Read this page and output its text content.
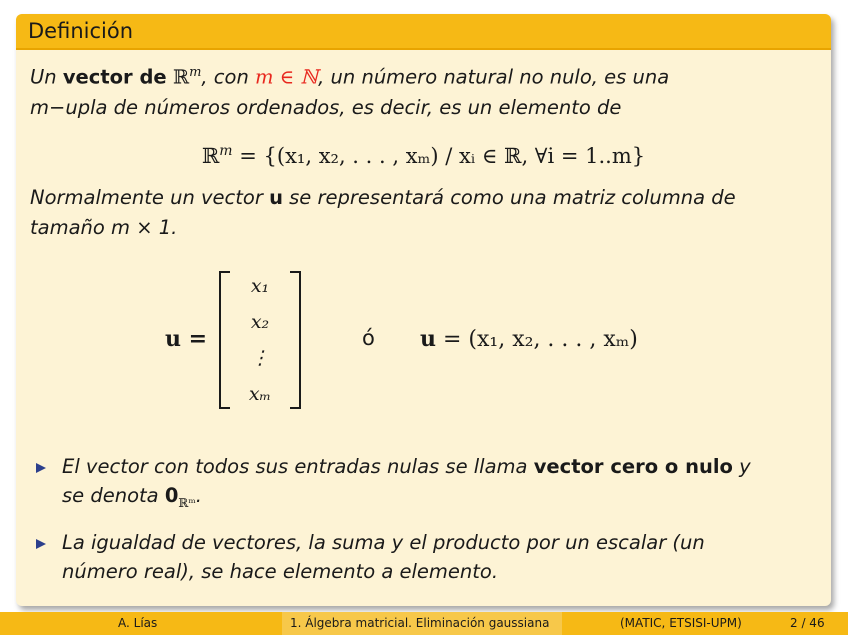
Definición
Un vector de ℝ$^m$, con m ∈ ℕ, un número natural no nulo, es una
m−upla de números ordenados, es decir, es un elemento de
ℝ$^m$ = {(x₁, x₂, . . . , xₘ) / xᵢ ∈ ℝ, ∀i = 1..m}
Normalmente un vector u se representará como una matriz columna de
tamaño m × 1.
u =
x₁
x₂
⋮
xₘ
ó u = (x₁, x₂, . . . , xₘ)
El vector con todos sus entradas nulas se llama vector cero o nulo y
se denota $0_{ℝᵐ}$.
La igualdad de vectores, la suma y el producto por un escalar (un
número real), se hace elemento a elemento.
A. Lías	1. Álgebra matricial. Eliminación gaussiana	(MATIC, ETSISI-UPM)	2 / 46
